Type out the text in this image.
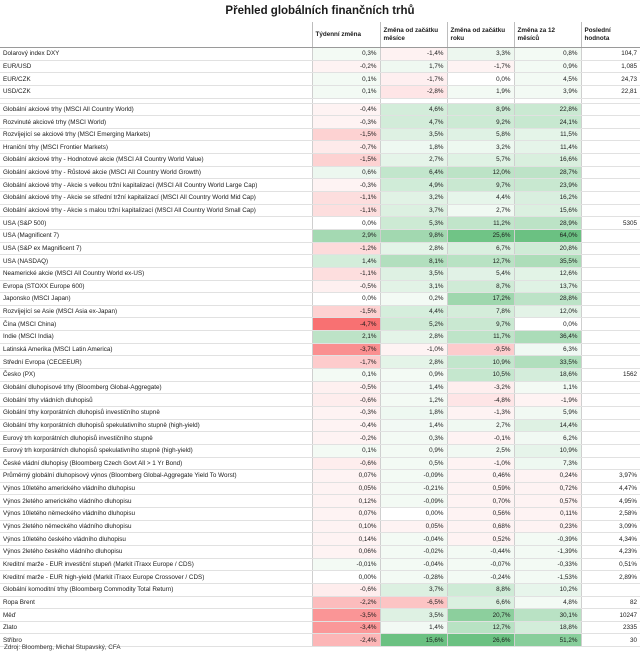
Přehled globálních finančních trhů
	Týdenní změna	Změna od začátku měsíce	Změna od začátku roku	Změna za 12 měsíců	Poslední hodnota
Dolarový index DXY	0,3%	-1,4%	3,3%	0,8%	104,7
EUR/USD	-0,2%	1,7%	-1,7%	0,9%	1,085
EUR/CZK	0,1%	-1,7%	0,0%	4,5%	24,73
USD/CZK	0,1%	-2,8%	1,9%	3,9%	22,81

Globální akciové trhy (MSCI All Country World)	-0,4%	4,6%	8,9%	22,8%	
Rozvinuté akciové trhy (MSCI World)	-0,3%	4,7%	9,2%	24,1%	
Rozvíjející se akciové trhy (MSCI Emerging Markets)	-1,5%	3,5%	5,8%	11,5%	
Hraniční trhy (MSCI Frontier Markets)	-0,7%	1,8%	3,2%	11,4%	
Globální akciové trhy - Hodnotové akcie (MSCI All Country World Value)	-1,5%	2,7%	5,7%	16,6%	
Globální akciové trhy - Růstové akcie (MSCI All Country World Growth)	0,6%	6,4%	12,0%	28,7%	
Globální akciové trhy - Akcie s velkou tržní kapitalizací (MSCI All Country World Large Cap)	-0,3%	4,9%	9,7%	23,9%	
Globální akciové trhy - Akcie se střední tržní kapitalizací (MSCI All Country World Mid Cap)	-1,1%	3,2%	4,4%	16,2%	
Globální akciové trhy - Akcie s malou tržní kapitalizací (MSCI All Country World Small Cap)	-1,1%	3,7%	2,7%	15,6%	
USA (S&P 500)	0,0%	5,3%	11,2%	28,9%	5305
USA (Magnificent 7)	2,9%	9,8%	25,6%	64,0%	
USA (S&P ex Magnificent 7)	-1,2%	2,8%	6,7%	20,8%	
USA (NASDAQ)	1,4%	8,1%	12,7%	35,5%	
Neamerické akcie (MSCI All Country World ex-US)	-1,1%	3,5%	5,4%	12,6%	
Evropa (STOXX Europe 600)	-0,5%	3,1%	8,7%	13,7%	
Japonsko (MSCI Japan)	0,0%	0,2%	17,2%	28,8%	
Rozvíjející se Asie (MSCI Asia ex-Japan)	-1,5%	4,4%	7,8%	12,0%	
Čína (MSCI China)	-4,7%	5,2%	9,7%	0,0%	
Indie (MSCI India)	2,1%	2,8%	11,7%	36,4%	
Latinská Amerika (MSCI Latin America)	-3,7%	-1,0%	-9,5%	6,3%	
Střední Evropa (CECEEUR)	-1,7%	2,8%	10,9%	33,5%	
Česko (PX)	0,1%	0,9%	10,5%	18,6%	1562
Globální dluhopisové trhy (Bloomberg Global-Aggregate)	-0,5%	1,4%	-3,2%	1,1%	
Globální trhy vládních dluhopisů	-0,6%	1,2%	-4,8%	-1,9%	
Globální trhy korporátních dluhopisů investičního stupně	-0,3%	1,8%	-1,3%	5,9%	
Globální trhy korporátních dluhopisů spekulativního stupně (high-yield)	-0,4%	1,4%	2,7%	14,4%	
Eurový trh korporátních dluhopisů investičního stupně	-0,2%	0,3%	-0,1%	6,2%	
Eurový trh korporátních dluhopisů spekulativního stupně (high-yield)	0,1%	0,9%	2,5%	10,9%	
České vládní dluhopisy (Bloomberg Czech Govt All > 1 Yr Bond)	-0,6%	0,5%	-1,0%	7,3%	
Průměrný globální dluhopisový výnos (Bloomberg Global-Aggregate Yield To Worst)	0,07%	-0,09%	0,46%	0,24%	3,97%
Výnos 10letého amerického vládního dluhopisu	0,05%	-0,21%	0,59%	0,72%	4,47%
Výnos 2letého amerického vládního dluhopisu	0,12%	-0,09%	0,70%	0,57%	4,95%
Výnos 10letého německého vládního dluhopisu	0,07%	0,00%	0,56%	0,11%	2,58%
Výnos 2letého německého vládního dluhopisu	0,10%	0,05%	0,68%	0,23%	3,09%
Výnos 10letého českého vládního dluhopisu	0,14%	-0,04%	0,52%	-0,39%	4,34%
Výnos 2letého českého vládního dluhopisu	0,06%	-0,02%	-0,44%	-1,39%	4,23%
Kreditní marže - EUR investiční stupeň (Markit iTraxx Europe / CDS)	-0,01%	-0,04%	-0,07%	-0,33%	0,51%
Kreditní marže - EUR high-yield (Markit iTraxx Europe Crossover / CDS)	0,00%	-0,28%	-0,24%	-1,53%	2,89%
Globální komoditní trhy (Bloomberg Commodity Total Return)	-0,6%	3,7%	8,8%	10,2%	
Ropa Brent	-2,2%	-6,5%	6,6%	4,8%	82
Měď	-3,5%	3,5%	20,7%	30,1%	10247
Zlato	-3,4%	1,4%	12,7%	18,8%	2335
Stříbro	-2,4%	15,6%	26,6%	51,2%	30
Zdroj: Bloomberg, Michal Stupavský, CFA
